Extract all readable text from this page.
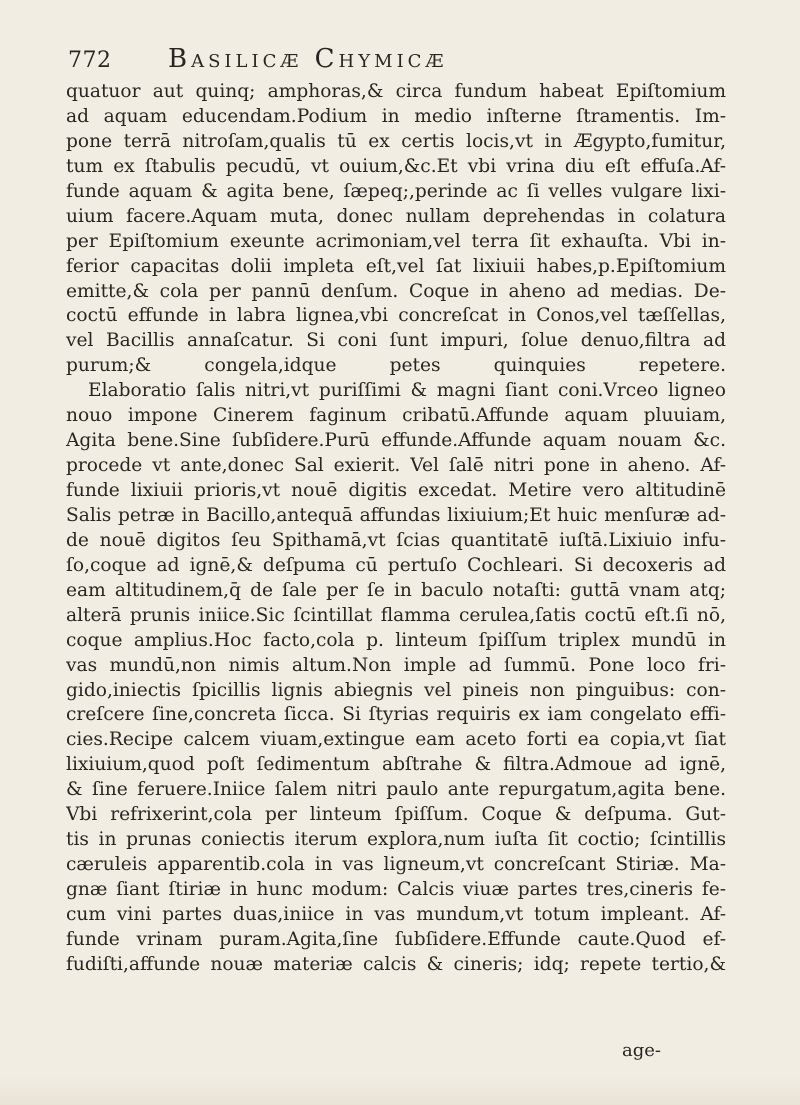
772 Basilicæ Chymicæ
quatuor aut quinq; amphoras,& circa fundum habeat Epiſtomium
ad aquam educendam.Podium in medio inſterne ſtramentis. Im-
pone terrā nitroſam,qualis tū ex certis locis,vt in Ægypto,fumitur,
tum ex ſtabulis pecudū, vt ouium,&c.Et vbi vrina diu eſt effuſa.Af-
funde aquam & agita bene, ſæpeq;,perinde ac ſi velles vulgare lixi-
uium facere.Aquam muta, donec nullam deprehendas in colatura
per Epiſtomium exeunte acrimoniam,vel terra ſit exhauſta. Vbi in-
ferior capacitas dolii impleta eſt,vel ſat lixiuii habes,p.Epiſtomium
emitte,& cola per pannū denſum. Coque in aheno ad medias. De-
coctū effunde in labra lignea,vbi concreſcat in Conos,vel tæſſellas,
vel Bacillis annaſcatur. Si coni ſunt impuri, ſolue denuo,filtra ad
purum;& congela,idque petes quinquies repetere.
Elaboratio ſalis nitri,vt puriſſimi & magni ſiant coni.Vrceo ligneo
nouo impone Cinerem faginum cribatū.Affunde aquam pluuiam,
Agita bene.Sine ſubſidere.Purū effunde.Affunde aquam nouam &c.
procede vt ante,donec Sal exierit. Vel ſalē nitri pone in aheno. Af-
funde lixiuii prioris,vt nouē digitis excedat. Metire vero altitudinē
Salis petræ in Bacillo,antequā affundas lixiuium;Et huic menſuræ ad-
de nouē digitos ſeu Spithamā,vt ſcias quantitatē iuſtā.Lixiuio infu-
ſo,coque ad ignē,& deſpuma cū pertuſo Cochleari. Si decoxeris ad
eam altitudinem,q̄ de ſale per ſe in baculo notaſti: guttā vnam atq;
alterā prunis iniice.Sic ſcintillat flamma cerulea,ſatis coctū eſt.ſi nō,
coque amplius.Hoc facto,cola p. linteum ſpiſſum triplex mundū in
vas mundū,non nimis altum.Non imple ad ſummū. Pone loco fri-
gido,iniectis ſpicillis lignis abiegnis vel pineis non pinguibus: con-
creſcere ſine,concreta ſicca. Si ſtyrias requiris ex iam congelato effi-
cies.Recipe calcem viuam,extingue eam aceto forti ea copia,vt ſiat
lixiuium,quod poſt ſedimentum abſtrahe & filtra.Admoue ad ignē,
& ſine feruere.Iniice ſalem nitri paulo ante repurgatum,agita bene.
Vbi refrixerint,cola per linteum ſpiſſum. Coque & deſpuma. Gut-
tis in prunas coniectis iterum explora,num iuſta ſit coctio; ſcintillis
cæruleis apparentib.cola in vas ligneum,vt concreſcant Stiriæ. Ma-
gnæ ſiant ſtiriæ in hunc modum: Calcis viuæ partes tres,cineris fe-
cum vini partes duas,iniice in vas mundum,vt totum impleant. Af-
funde vrinam puram.Agita,ſine ſubſidere.Effunde caute.Quod ef-
fudiſti,affunde nouæ materiæ calcis & cineris; idq; repete tertio,&
age-
